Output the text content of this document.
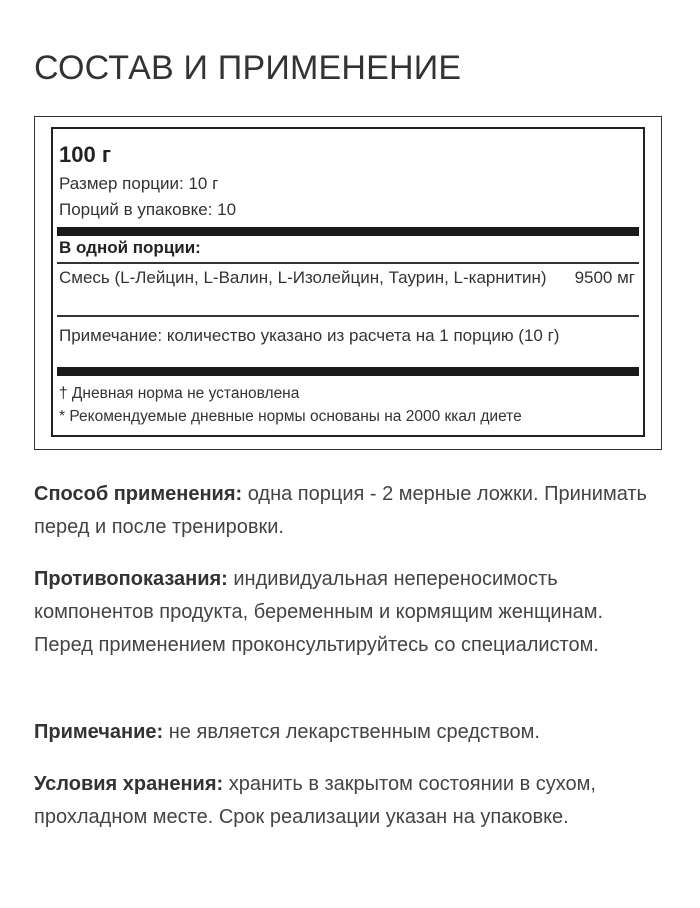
СОСТАВ И ПРИМЕНЕНИЕ
100 г
Размер порции: 10 г
Порций в упаковке: 10
В одной порции:
Смесь (L-Лейцин, L-Валин, L-Изолейцин, Таурин, L-карнитин) 9500 мг
Примечание: количество указано из расчета на 1 порцию (10 г)
† Дневная норма не установлена
* Рекомендуемые дневные нормы основаны на 2000 ккал диете

Способ применения: одна порция - 2 мерные ложки. Принимать перед и после тренировки.

Противопоказания: индивидуальная непереносимость компонентов продукта, беременным и кормящим женщинам. Перед применением проконсультируйтесь со специалистом.

Примечание: не является лекарственным средством.

Условия хранения: хранить в закрытом состоянии в сухом, прохладном месте. Срок реализации указан на упаковке.
